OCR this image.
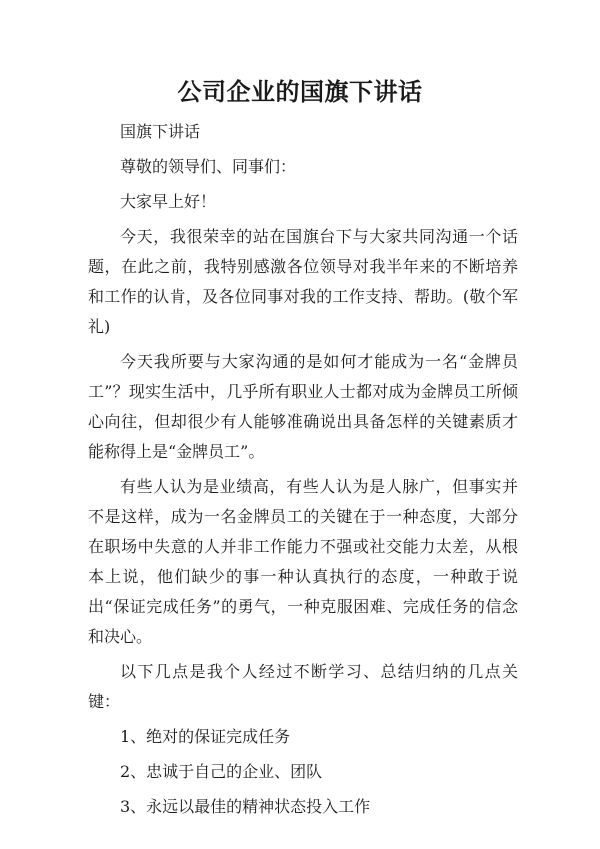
公司企业的国旗下讲话

国旗下讲话

尊敬的领导们、同事们：

大家早上好！

今天，我很荣幸的站在国旗台下与大家共同沟通一个话题，在此之前，我特别感激各位领导对我半年来的不断培养和工作的认肯，及各位同事对我的工作支持、帮助。(敬个军礼)

今天我所要与大家沟通的是如何才能成为一名“金牌员工”？现实生活中，几乎所有职业人士都对成为金牌员工所倾心向往，但却很少有人能够准确说出具备怎样的关键素质才能称得上是“金牌员工”。

有些人认为是业绩高，有些人认为是人脉广，但事实并不是这样，成为一名金牌员工的关键在于一种态度，大部分在职场中失意的人并非工作能力不强或社交能力太差，从根本上说，他们缺少的事一种认真执行的态度，一种敢于说出“保证完成任务”的勇气，一种克服困难、完成任务的信念和决心。

以下几点是我个人经过不断学习、总结归纳的几点关键：

1、绝对的保证完成任务

2、忠诚于自己的企业、团队

3、永远以最佳的精神状态投入工作
